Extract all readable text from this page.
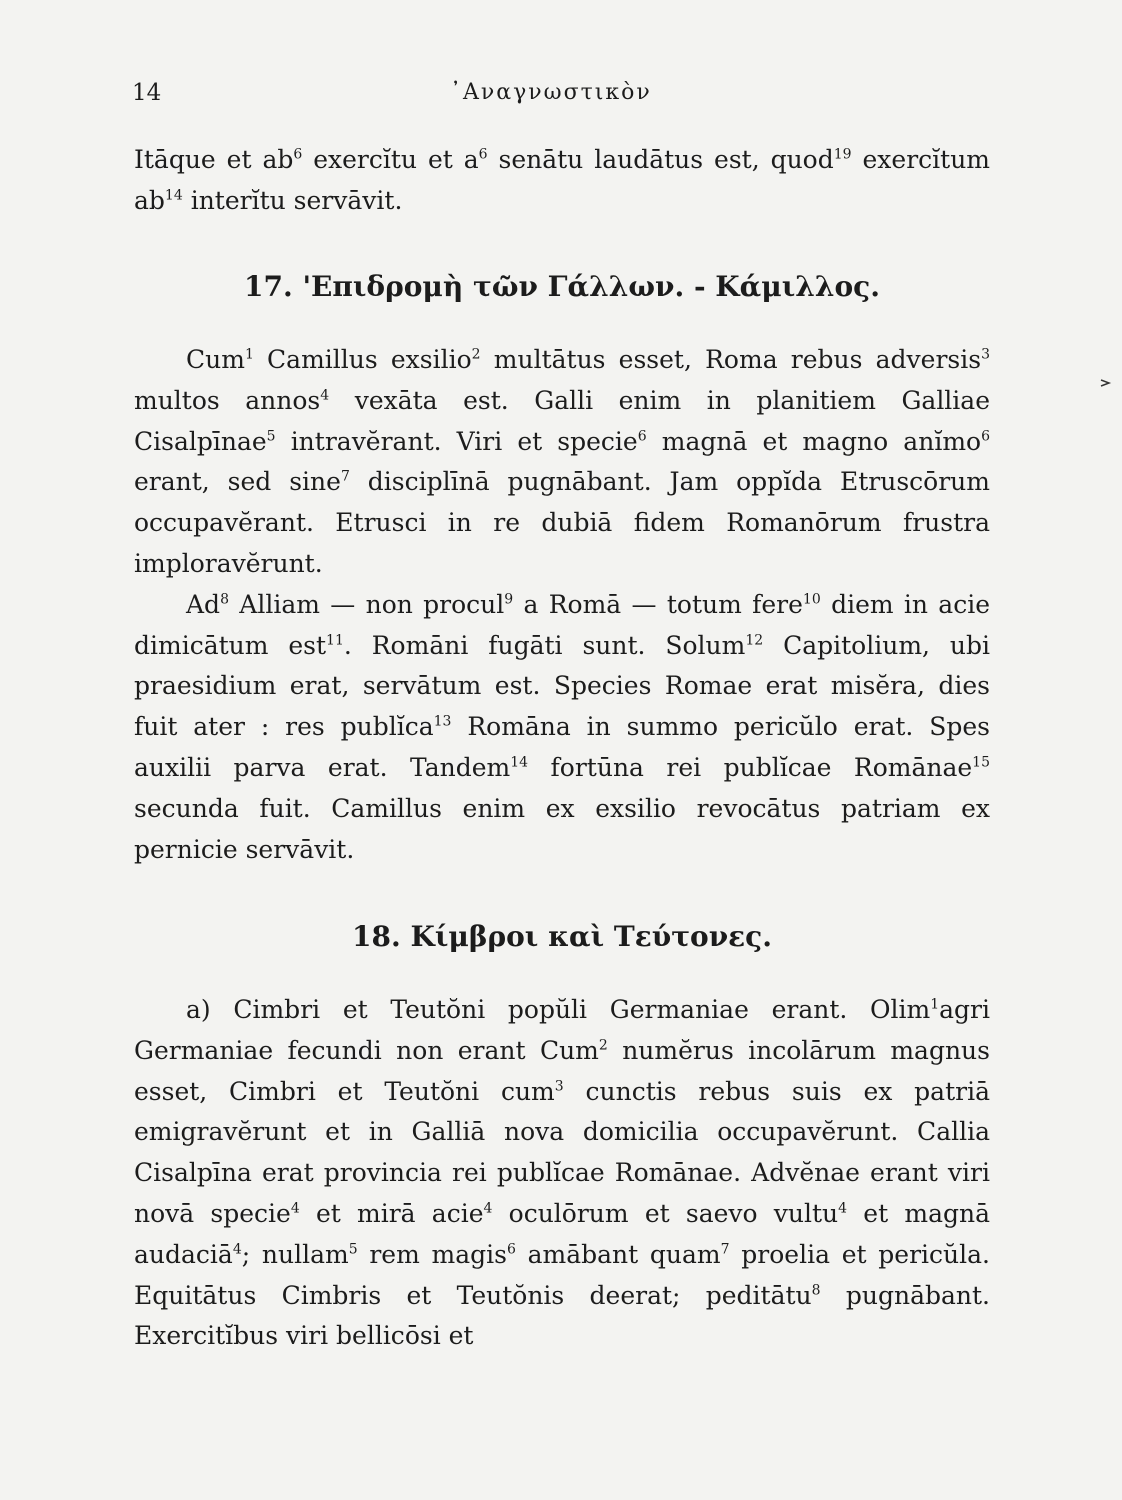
14	᾿Αναγνωστικὸν

Itāque et $ab^6$ exercĭtu et $a^6$ senātu laudātus est, quod$^{19}$ exercĭtum $ab^{14}$ interĭtu servāvit.

17. 'Επιδρομὴ τῶν Γάλλων. - Κάμιλλος.

Cum$^1$ Camillus exsilio$^2$ multātus esset, Roma rebus adversis$^3$ multos annos$^4$ vexāta est. Galli enim in planitiem Galliae Cisalpīnae$^5$ intravĕrant. Viri et specie$^6$ magnā et magno anĭmo$^6$ erant, sed sine$^7$ disciplīnā pugnābant. Jam oppĭda Etruscōrum occupavĕrant. Etrusci in re dubiā fidem Romanōrum frustra imploravĕrunt.

Ad$^8$ Alliam — non procul$^9$ a Romā — totum fere$^{10}$ diem in acie dimicātum est$^{11}$. Romāni fugāti sunt. Solum$^{12}$ Capitolium, ubi praesidium erat, servātum est. Species Romae erat misĕra, dies fuit ater : res publĭca$^{13}$ Romāna in summo pericŭlo erat. Spes auxilii parva erat. Tandem$^{14}$ fortūna rei publĭcae Romānae$^{15}$ secunda fuit. Camillus enim ex exsilio revocātus patriam ex pernicie servāvit.

18. Κίμβροι καὶ Τεύτονες.

a) Cimbri et Teutŏni popŭli Germaniae erant. Olim$^1$agri Germaniae fecundi non erant Cum$^2$ numĕrus incolārum magnus esset, Cimbri et Teutŏni cum$^3$ cunctis rebus suis ex patriā emigravĕrunt et in Galliā nova domicilia occupavĕrunt. Callia Cisalpīna erat provincia rei publĭcae Romānae. Advĕnae erant viri novā specie$^4$ et mirā acie$^4$ oculōrum et saevo vultu$^4$ et magnā audaciā$^4$; nullam$^5$ rem magis$^6$ amābant quam$^7$ proelia et pericŭla. Equitātus Cimbris et Teutŏnis deerat; peditātu$^8$ pugnābant. Exercitĭbus viri bellicōsi et
